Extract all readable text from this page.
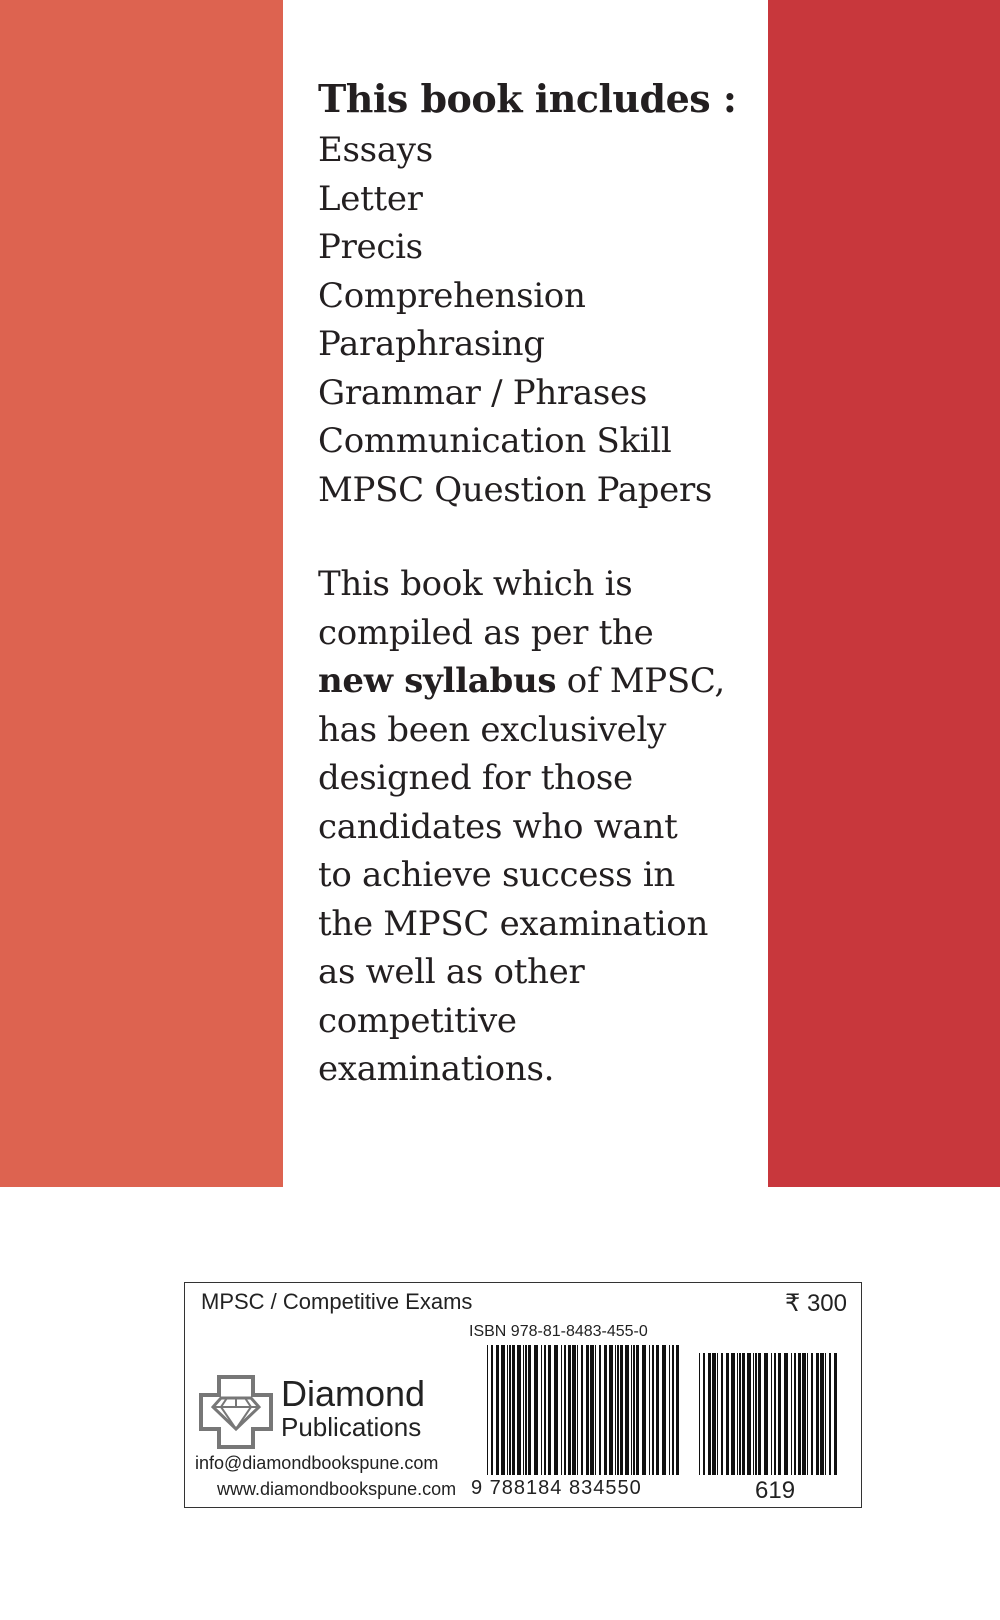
This book includes :
Essays
Letter
Precis
Comprehension
Paraphrasing
Grammar / Phrases
Communication Skill
MPSC Question Papers
This book which is
compiled as per the
new syllabus of MPSC,
has been exclusively
designed for those
candidates who want
to achieve success in
the MPSC examination
as well as other
competitive
examinations.
MPSC / Competitive Exams	₹ 300
ISBN 978-81-8483-455-0
Diamond
Publications
info@diamondbookspune.com
www.diamondbookspune.com 9 788184 834550	619
